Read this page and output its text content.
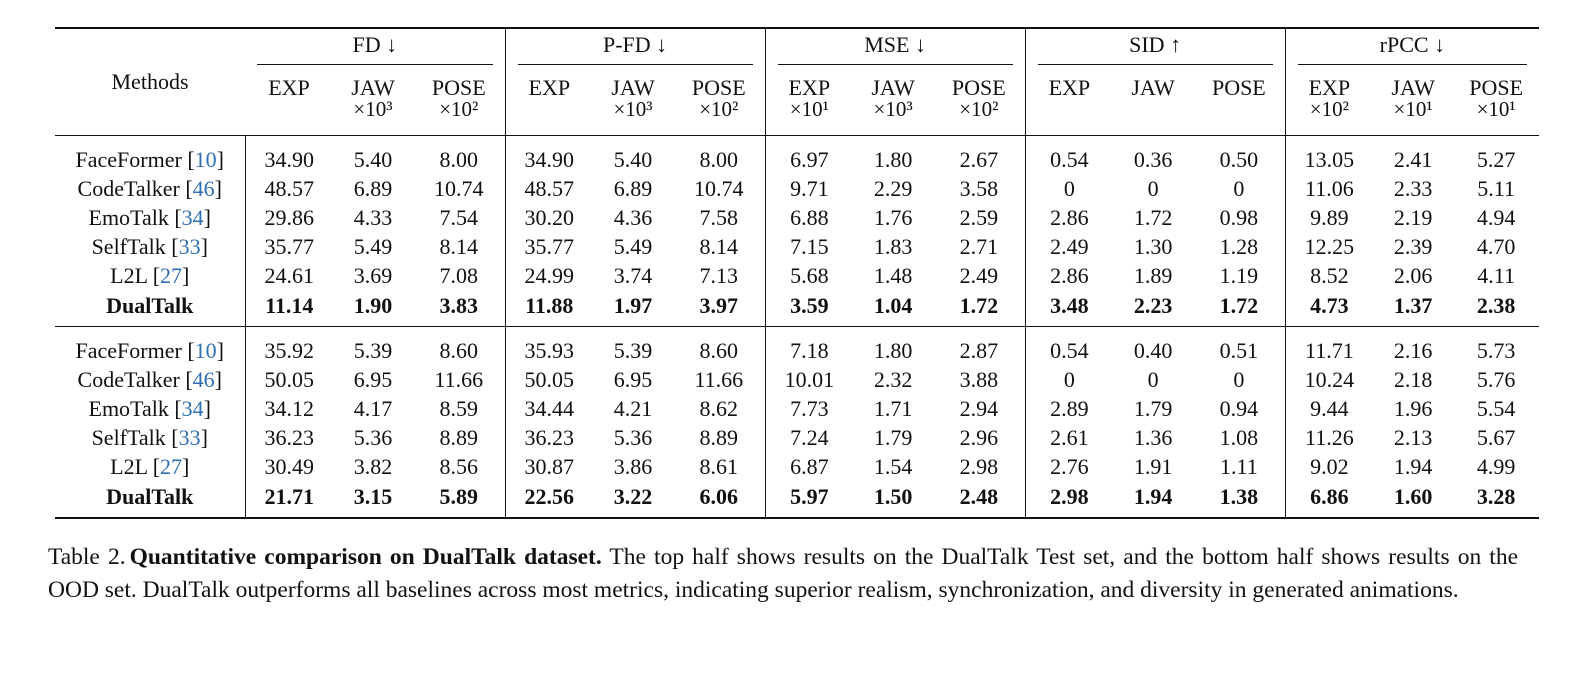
Methods	FD ↓			P-FD ↓			MSE ↓			SID ↑			rPCC ↓		

	EXP	JAW	POSE	EXP	JAW	POSE	EXP	JAW	POSE	EXP	JAW	POSE	EXP	JAW	POSE
		×10³	×10²		×10³	×10²	×10¹	×10³	×10²				×10²	×10¹	×10¹
FaceFormer [10]	34.90	5.40	8.00	34.90	5.40	8.00	6.97	1.80	2.67	0.54	0.36	0.50	13.05	2.41	5.27
CodeTalker [46]	48.57	6.89	10.74	48.57	6.89	10.74	9.71	2.29	3.58	0	0	0	11.06	2.33	5.11
EmoTalk [34]	29.86	4.33	7.54	30.20	4.36	7.58	6.88	1.76	2.59	2.86	1.72	0.98	9.89	2.19	4.94
SelfTalk [33]	35.77	5.49	8.14	35.77	5.49	8.14	7.15	1.83	2.71	2.49	1.30	1.28	12.25	2.39	4.70
L2L [27]	24.61	3.69	7.08	24.99	3.74	7.13	5.68	1.48	2.49	2.86	1.89	1.19	8.52	2.06	4.11
DualTalk	11.14	1.90	3.83	11.88	1.97	3.97	3.59	1.04	1.72	3.48	2.23	1.72	4.73	1.37	2.38
FaceFormer [10]	35.92	5.39	8.60	35.93	5.39	8.60	7.18	1.80	2.87	0.54	0.40	0.51	11.71	2.16	5.73
CodeTalker [46]	50.05	6.95	11.66	50.05	6.95	11.66	10.01	2.32	3.88	0	0	0	10.24	2.18	5.76
EmoTalk [34]	34.12	4.17	8.59	34.44	4.21	8.62	7.73	1.71	2.94	2.89	1.79	0.94	9.44	1.96	5.54
SelfTalk [33]	36.23	5.36	8.89	36.23	5.36	8.89	7.24	1.79	2.96	2.61	1.36	1.08	11.26	2.13	5.67
L2L [27]	30.49	3.82	8.56	30.87	3.86	8.61	6.87	1.54	2.98	2.76	1.91	1.11	9.02	1.94	4.99
DualTalk	21.71	3.15	5.89	22.56	3.22	6.06	5.97	1.50	2.48	2.98	1.94	1.38	6.86	1.60	3.28
Table 2. Quantitative comparison on DualTalk dataset. The top half shows results on the DualTalk Test set, and the bottom half shows results on the OOD set. DualTalk outperforms all baselines across most metrics, indicating superior realism, synchronization, and diversity in generated animations.
